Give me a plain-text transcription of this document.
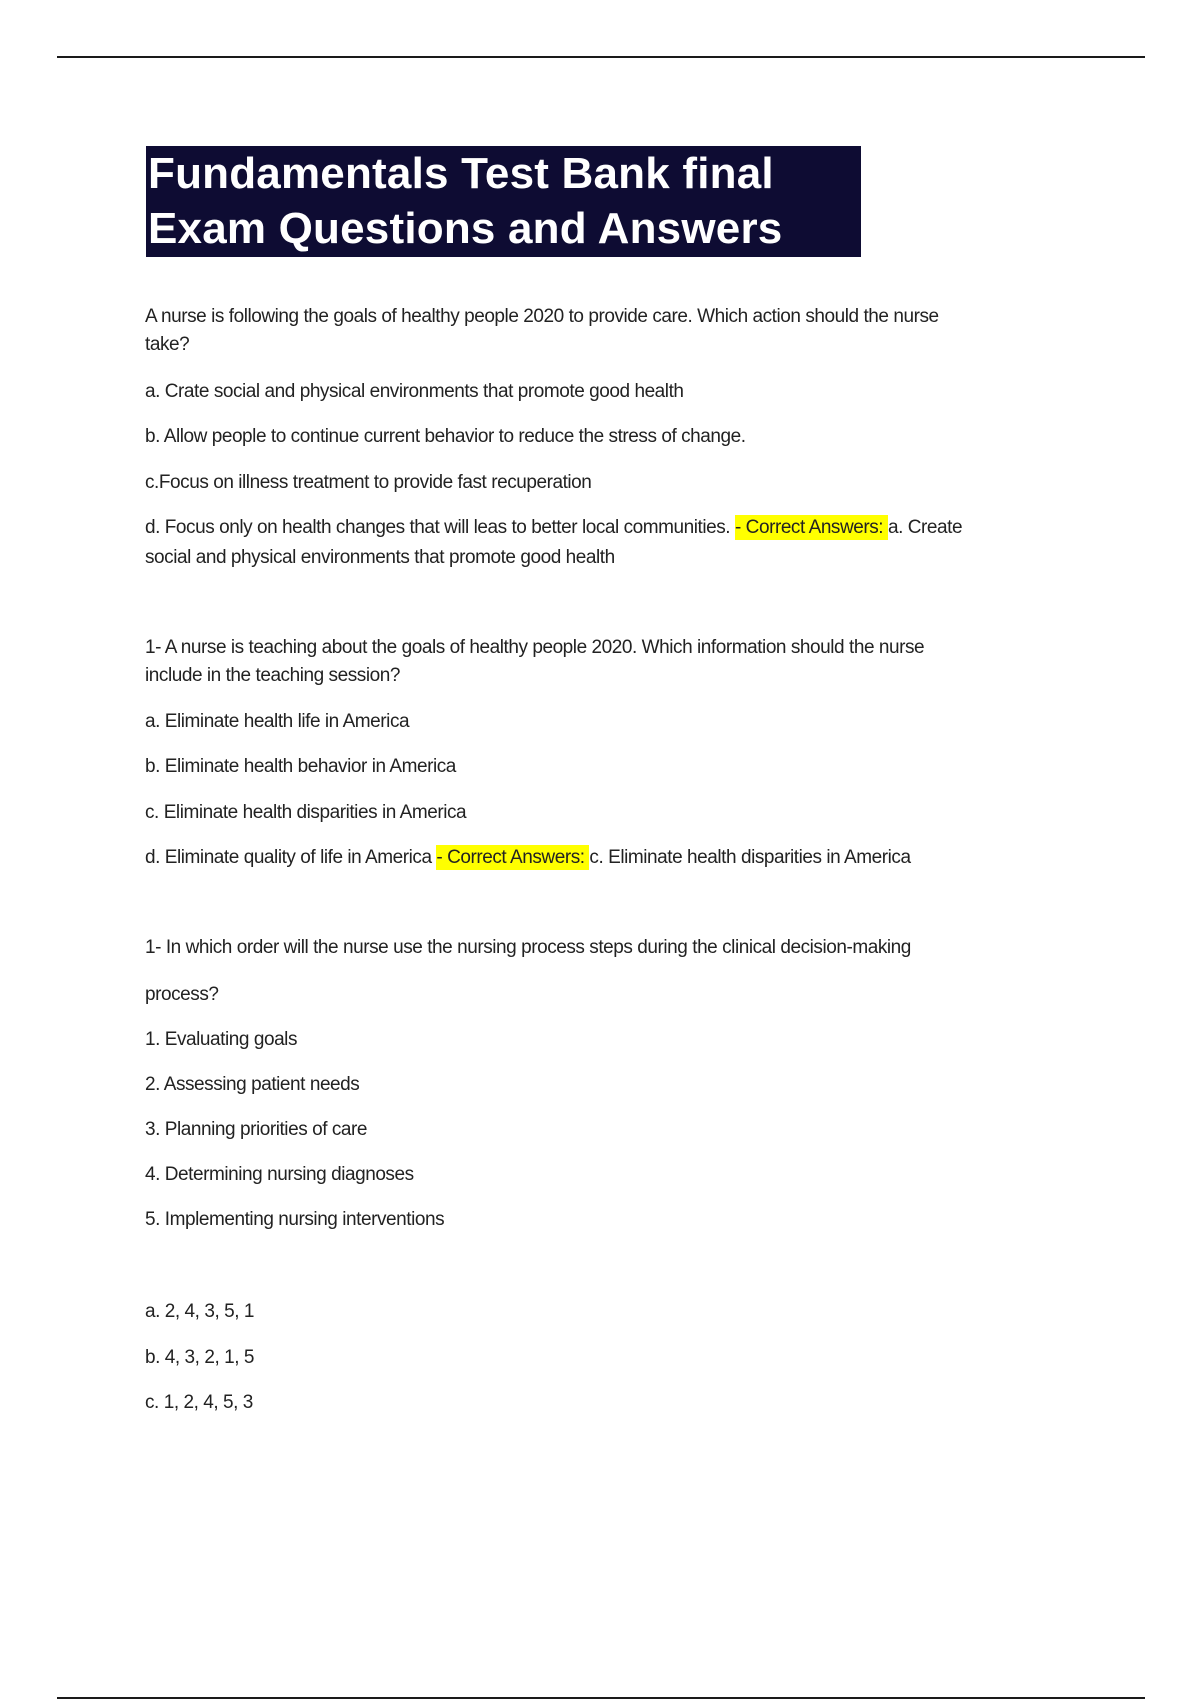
Fundamentals Test Bank final
Exam Questions and Answers
A nurse is following the goals of healthy people 2020 to provide care. Which action should the nurse
take?
a. Crate social and physical environments that promote good health
b. Allow people to continue current behavior to reduce the stress of change.
c.Focus on illness treatment to provide fast recuperation
d. Focus only on health changes that will leas to better local communities. - Correct Answers: a. Create
social and physical environments that promote good health
1- A nurse is teaching about the goals of healthy people 2020. Which information should the nurse
include in the teaching session?
a. Eliminate health life in America
b. Eliminate health behavior in America
c. Eliminate health disparities in America
d. Eliminate quality of life in America - Correct Answers: c. Eliminate health disparities in America
1- In which order will the nurse use the nursing process steps during the clinical decision-making
process?
1. Evaluating goals
2. Assessing patient needs
3. Planning priorities of care
4. Determining nursing diagnoses
5. Implementing nursing interventions
a. 2, 4, 3, 5, 1
b. 4, 3, 2, 1, 5
c. 1, 2, 4, 5, 3
